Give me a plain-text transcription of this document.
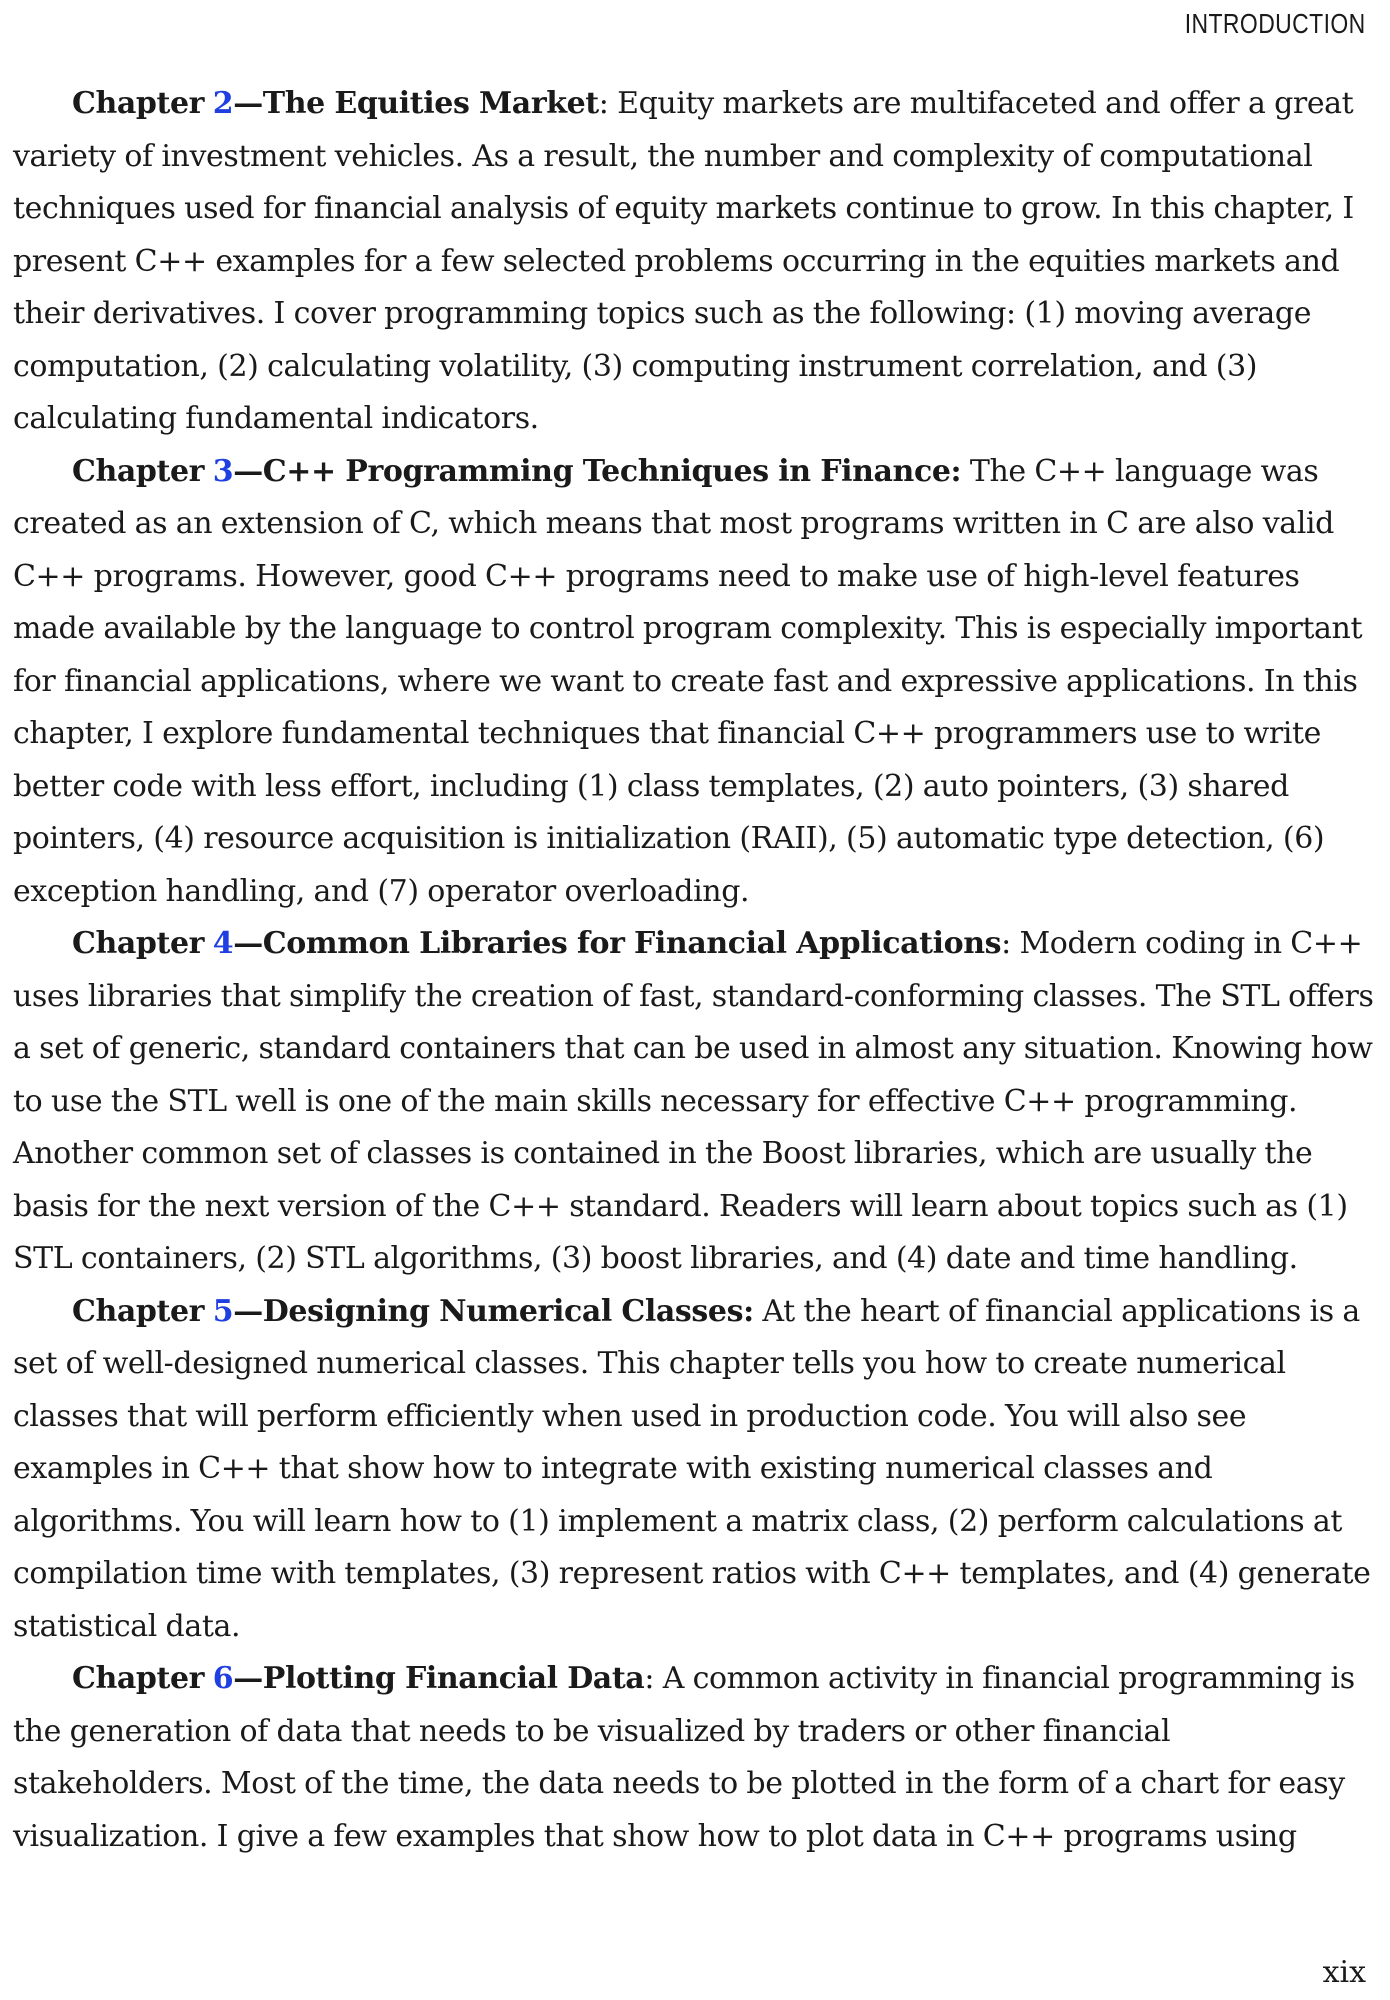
INTRODUCTION

Chapter 2—The Equities Market: Equity markets are multifaceted and offer a great variety of investment vehicles. As a result, the number and complexity of computational techniques used for financial analysis of equity markets continue to grow. In this chapter, I present C++ examples for a few selected problems occurring in the equities markets and their derivatives. I cover programming topics such as the following: (1) moving average computation, (2) calculating volatility, (3) computing instrument correlation, and (3) calculating fundamental indicators.

Chapter 3—C++ Programming Techniques in Finance: The C++ language was created as an extension of C, which means that most programs written in C are also valid C++ programs. However, good C++ programs need to make use of high-level features made available by the language to control program complexity. This is especially important for financial applications, where we want to create fast and expressive applications. In this chapter, I explore fundamental techniques that financial C++ programmers use to write better code with less effort, including (1) class templates, (2) auto pointers, (3) shared pointers, (4) resource acquisition is initialization (RAII), (5) automatic type detection, (6) exception handling, and (7) operator overloading.

Chapter 4—Common Libraries for Financial Applications: Modern coding in C++ uses libraries that simplify the creation of fast, standard-conforming classes. The STL offers a set of generic, standard containers that can be used in almost any situation. Knowing how to use the STL well is one of the main skills necessary for effective C++ programming. Another common set of classes is contained in the Boost libraries, which are usually the basis for the next version of the C++ standard. Readers will learn about topics such as (1) STL containers, (2) STL algorithms, (3) boost libraries, and (4) date and time handling.

Chapter 5—Designing Numerical Classes: At the heart of financial applications is a set of well-designed numerical classes. This chapter tells you how to create numerical classes that will perform efficiently when used in production code. You will also see examples in C++ that show how to integrate with existing numerical classes and algorithms. You will learn how to (1) implement a matrix class, (2) perform calculations at compilation time with templates, (3) represent ratios with C++ templates, and (4) generate statistical data.

Chapter 6—Plotting Financial Data: A common activity in financial programming is the generation of data that needs to be visualized by traders or other financial stakeholders. Most of the time, the data needs to be plotted in the form of a chart for easy visualization. I give a few examples that show how to plot data in C++ programs using

xix
